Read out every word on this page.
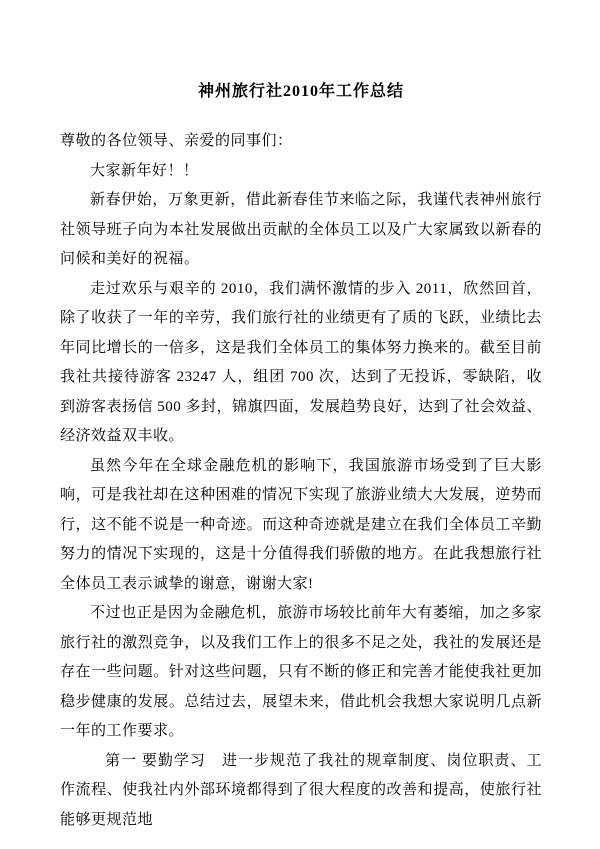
神州旅行社2010年工作总结

尊敬的各位领导、亲爱的同事们：

大家新年好！！

新春伊始，万象更新，借此新春佳节来临之际，我谨代表神州旅行社领导班子向为本社发展做出贡献的全体员工以及广大家属致以新春的问候和美好的祝福。

走过欢乐与艰辛的 2010，我们满怀激情的步入 2011，欣然回首，除了收获了一年的辛劳，我们旅行社的业绩更有了质的飞跃，业绩比去年同比增长的一倍多，这是我们全体员工的集体努力换来的。截至目前我社共接待游客 23247 人，组团 700 次，达到了无投诉，零缺陷，收到游客表扬信 500 多封，锦旗四面，发展趋势良好，达到了社会效益、经济效益双丰收。

虽然今年在全球金融危机的影响下，我国旅游市场受到了巨大影响，可是我社却在这种困难的情况下实现了旅游业绩大大发展，逆势而行，这不能不说是一种奇迹。而这种奇迹就是建立在我们全体员工辛勤努力的情况下实现的，这是十分值得我们骄傲的地方。在此我想旅行社全体员工表示诚挚的谢意，谢谢大家!

不过也正是因为金融危机，旅游市场较比前年大有萎缩，加之多家旅行社的激烈竞争，以及我们工作上的很多不足之处，我社的发展还是存在一些问题。针对这些问题，只有不断的修正和完善才能使我社更加稳步健康的发展。总结过去，展望未来，借此机会我想大家说明几点新一年的工作要求。

第一 要勤学习　进一步规范了我社的规章制度、岗位职责、工作流程、使我社内外部环境都得到了很大程度的改善和提高，使旅行社能够更规范地
